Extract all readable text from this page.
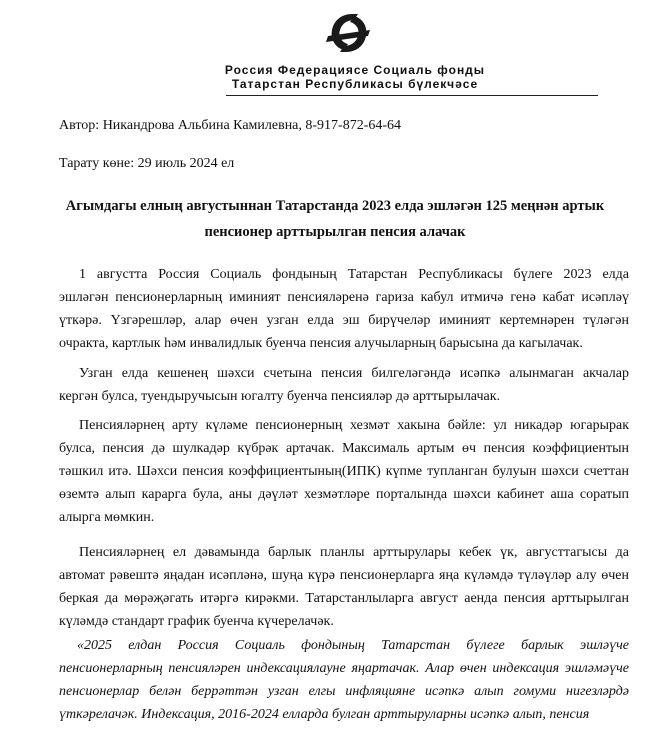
Россия Федерациясе Социаль фонды
Татарстан Республикасы бүлекчәсе
Автор: Никандрова Альбина Камилевна, 8-917-872-64-64
Тарату көне: 29 июль 2024 ел
Агымдагы елның августыннан Татарстанда 2023 елда эшләгән 125 меңнән артык
пенсионер арттырылган пенсия алачак
1 августта Россия Социаль фондының Татарстан Республикасы бүлеге 2023 елда
эшләгән пенсионерларның иминият пенсияләренә гариза кабул итмичә генә кабат исәпләү
үткәрә. Үзгәрешләр, алар өчен узган елда эш бирүчеләр иминият кертемнәрен түләгән
очракта, картлык һәм инвалидлык буенча пенсия алучыларның барысына да кагылачак.
Узган елда кешенең шәхси счетына пенсия билгеләгәндә исәпкә алынмаган акчалар
кергән булса, туендыручысын югалту буенча пенсияләр дә арттырылачак.
Пенсияләрнең арту күләме пенсионерның хезмәт хакына бәйле: ул никадәр югарырак
булса, пенсия дә шулкадәр күбрәк артачак. Максималь артым өч пенсия коэффициентын
тәшкил итә. Шәхси пенсия коэффициентының(ИПК) күпме тупланган булуын шәхси счеттан
өземтә алып карарга була, аны дәүләт хезмәтләре порталында шәхси кабинет аша соратып
алырга мөмкин.
Пенсияләрнең ел дәвамында барлык планлы арттырулары кебек үк, августтагысы да
автомат рәвештә яңадан исәпләнә, шуңа күрә пенсионерларга яңа күләмдә түләүләр алу өчен
беркая да мөрәҗәгать итәргә кирәкми. Татарстанлыларга август аенда пенсия арттырылган
күләмдә стандарт график буенча күчерелачәк.
«2025 елдан Россия Социаль фондының Татарстан бүлеге барлык эшләүче
пенсионерларның пенсияләрен индексациялауне яңартачак. Алар өчен индексация эшләмәүче
пенсионерлар белән беррәттән узган елгы инфляцияне исәпкә алып гомуми нигезләрдә
үткәрелачәк. Индексация, 2016-2024 елларда булган арттыруларны исәпкә алып, пенсия
